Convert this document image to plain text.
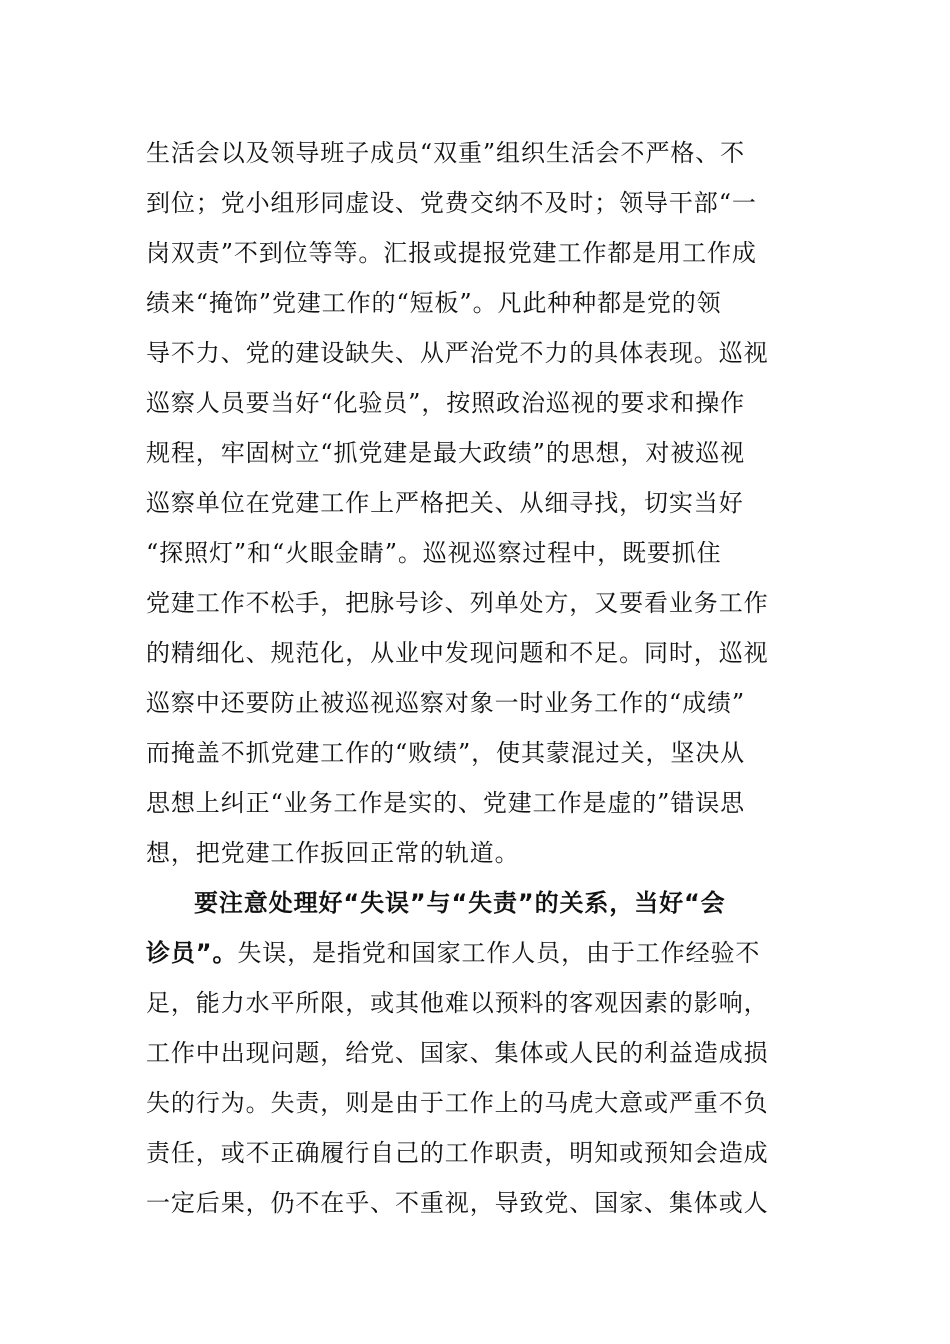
生活会以及领导班子成员“双重”组织生活会不严格、不
到位；党小组形同虚设、党费交纳不及时；领导干部“一
岗双责”不到位等等。汇报或提报党建工作都是用工作成
绩来“掩饰”党建工作的“短板”。凡此种种都是党的领
导不力、党的建设缺失、从严治党不力的具体表现。巡视
巡察人员要当好“化验员”，按照政治巡视的要求和操作
规程，牢固树立“抓党建是最大政绩”的思想，对被巡视
巡察单位在党建工作上严格把关、从细寻找，切实当好
“探照灯”和“火眼金睛”。巡视巡察过程中，既要抓住
党建工作不松手，把脉号诊、列单处方，又要看业务工作
的精细化、规范化，从业中发现问题和不足。同时，巡视
巡察中还要防止被巡视巡察对象一时业务工作的“成绩”
而掩盖不抓党建工作的“败绩”，使其蒙混过关，坚决从
思想上纠正“业务工作是实的、党建工作是虚的”错误思
想，把党建工作扳回正常的轨道。
要注意处理好“失误”与“失责”的关系，当好“会
诊员”。失误，是指党和国家工作人员，由于工作经验不
足，能力水平所限，或其他难以预料的客观因素的影响，
工作中出现问题，给党、国家、集体或人民的利益造成损
失的行为。失责，则是由于工作上的马虎大意或严重不负
责任，或不正确履行自己的工作职责，明知或预知会造成
一定后果，仍不在乎、不重视，导致党、国家、集体或人
